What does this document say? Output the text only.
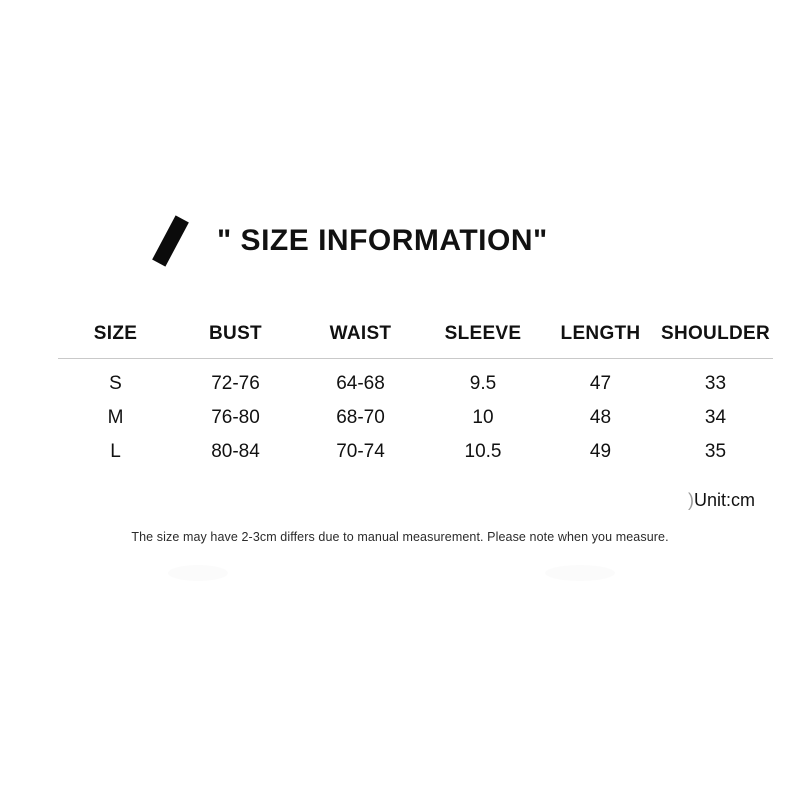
" SIZE INFORMATION"
SIZE	BUST	WAIST	SLEEVE	LENGTH	SHOULDER
S	72-76	64-68	9.5	47	33
M	76-80	68-70	10	48	34
L	80-84	70-74	10.5	49	35
)Unit:cm
The size may have 2-3cm differs due to manual measurement. Please note when you measure.
